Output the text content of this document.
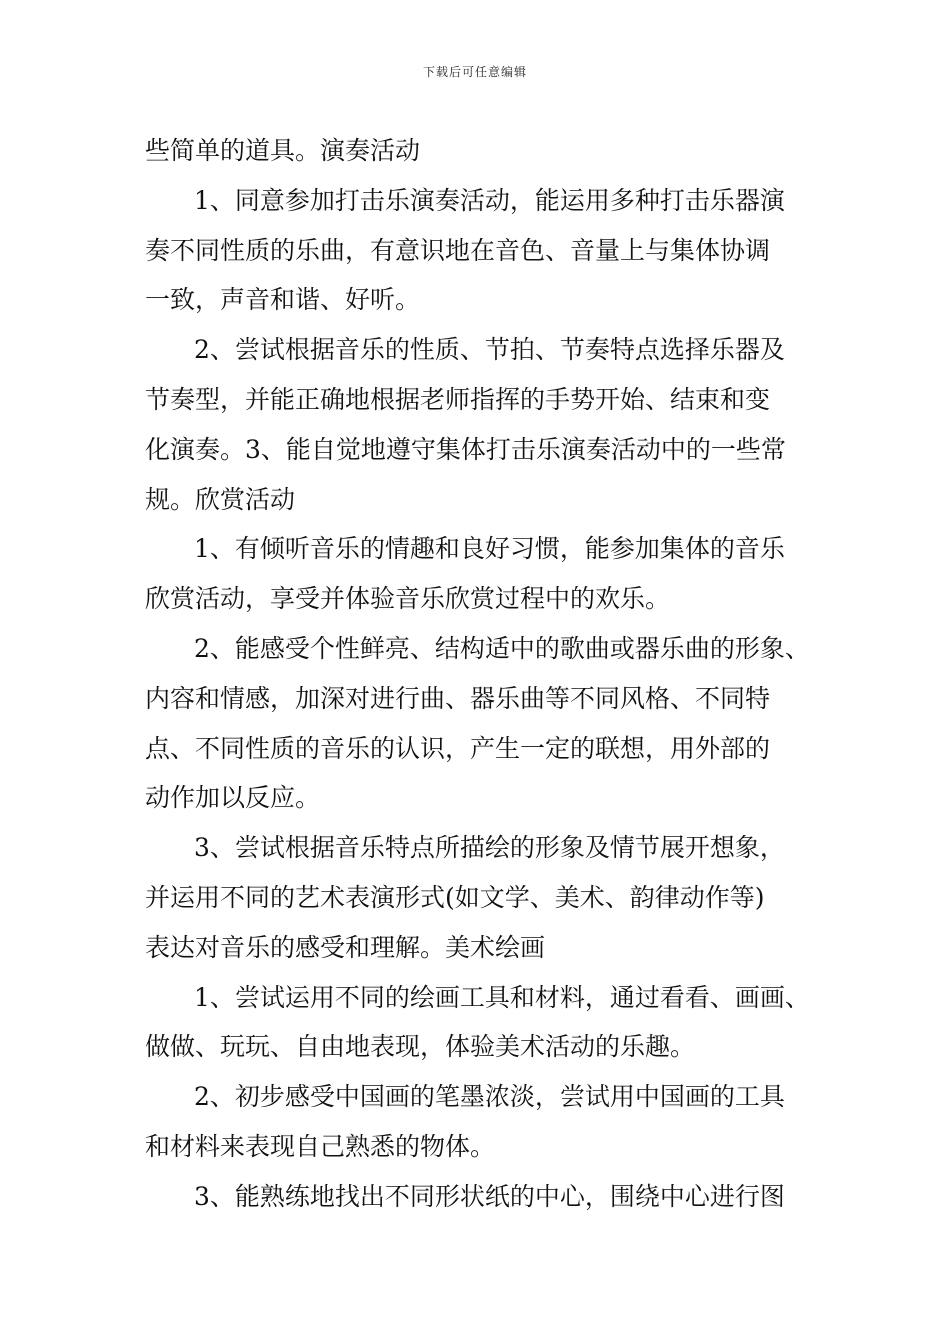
下载后可任意编辑
些简单的道具。演奏活动
1、同意参加打击乐演奏活动，能运用多种打击乐器演
奏不同性质的乐曲，有意识地在音色、音量上与集体协调
一致，声音和谐、好听。
2、尝试根据音乐的性质、节拍、节奏特点选择乐器及
节奏型，并能正确地根据老师指挥的手势开始、结束和变
化演奏。3、能自觉地遵守集体打击乐演奏活动中的一些常
规。欣赏活动
1、有倾听音乐的情趣和良好习惯，能参加集体的音乐
欣赏活动，享受并体验音乐欣赏过程中的欢乐。
2、能感受个性鲜亮、结构适中的歌曲或器乐曲的形象、
内容和情感，加深对进行曲、器乐曲等不同风格、不同特
点、不同性质的音乐的认识，产生一定的联想，用外部的
动作加以反应。
3、尝试根据音乐特点所描绘的形象及情节展开想象，
并运用不同的艺术表演形式(如文学、美术、韵律动作等)
表达对音乐的感受和理解。美术绘画
1、尝试运用不同的绘画工具和材料，通过看看、画画、
做做、玩玩、自由地表现，体验美术活动的乐趣。
2、初步感受中国画的笔墨浓淡，尝试用中国画的工具
和材料来表现自己熟悉的物体。
3、能熟练地找出不同形状纸的中心，围绕中心进行图
